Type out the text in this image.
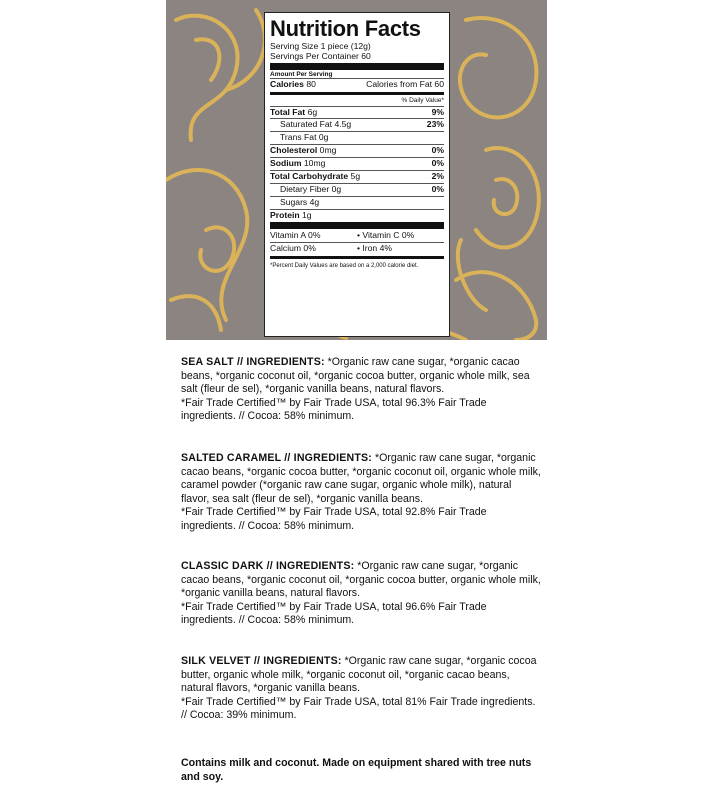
Nutrition Facts
Serving Size 1 piece (12g)
Servings Per Container 60
Amount Per Serving
Calories 80	Calories from Fat 60
% Daily Value*
Total Fat 6g	9%
Saturated Fat 4.5g	23%
Trans Fat 0g
Cholesterol 0mg	0%
Sodium 10mg	0%
Total Carbohydrate 5g	2%
Dietary Fiber 0g	0%
Sugars 4g
Protein 1g
Vitamin A 0%	• Vitamin C 0%
Calcium 0%	• Iron 4%
*Percent Daily Values are based on a 2,000 calorie diet.

SEA SALT // INGREDIENTS: *Organic raw cane sugar, *organic cacao beans, *organic coconut oil, *organic cocoa butter, organic whole milk, sea salt (fleur de sel), *organic vanilla beans, natural flavors.

*Fair Trade Certified™ by Fair Trade USA, total 96.3% Fair Trade ingredients. // Cocoa: 58% minimum.

SALTED CARAMEL // INGREDIENTS: *Organic raw cane sugar, *organic cacao beans, *organic cocoa butter, *organic coconut oil, organic whole milk, caramel powder (*organic raw cane sugar, organic whole milk), natural flavor, sea salt (fleur de sel), *organic vanilla beans.

*Fair Trade Certified™ by Fair Trade USA, total 92.8% Fair Trade ingredients. // Cocoa: 58% minimum.

CLASSIC DARK // INGREDIENTS: *Organic raw cane sugar, *organic cacao beans, *organic coconut oil, *organic cocoa butter, organic whole milk, *organic vanilla beans, natural flavors.

*Fair Trade Certified™ by Fair Trade USA, total 96.6% Fair Trade ingredients. // Cocoa: 58% minimum.

SILK VELVET // INGREDIENTS: *Organic raw cane sugar, *organic cocoa butter, organic whole milk, *organic coconut oil, *organic cacao beans, natural flavors, *organic vanilla beans.

*Fair Trade Certified™ by Fair Trade USA, total 81% Fair Trade ingredients. // Cocoa: 39% minimum.

Contains milk and coconut. Made on equipment shared with tree nuts and soy.
